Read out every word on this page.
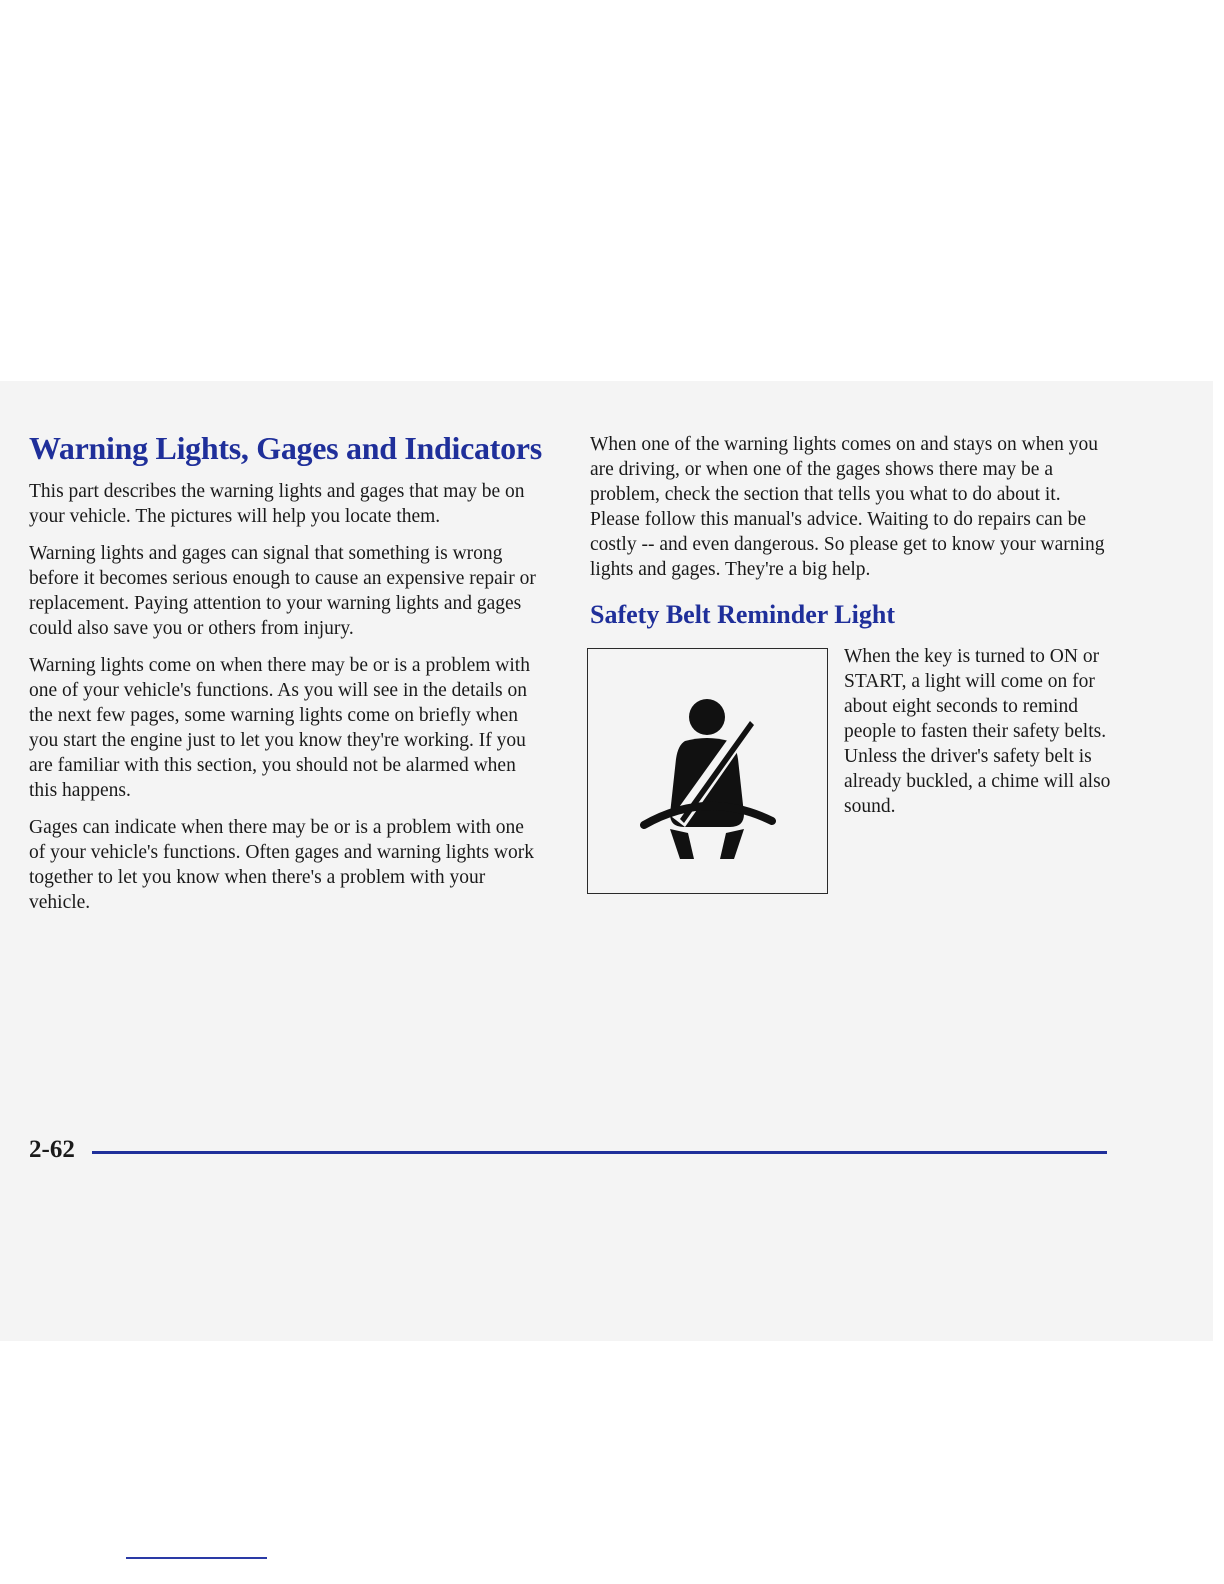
Warning Lights, Gages and Indicators

This part describes the warning lights and gages that may be on your vehicle. The pictures will help you locate them.

Warning lights and gages can signal that something is wrong before it becomes serious enough to cause an expensive repair or replacement. Paying attention to your warning lights and gages could also save you or others from injury.

Warning lights come on when there may be or is a problem with one of your vehicle's functions. As you will see in the details on the next few pages, some warning lights come on briefly when you start the engine just to let you know they're working. If you are familiar with this section, you should not be alarmed when this happens.

Gages can indicate when there may be or is a problem with one of your vehicle's functions. Often gages and warning lights work together to let you know when there's a problem with your vehicle.

When one of the warning lights comes on and stays on when you are driving, or when one of the gages shows there may be a problem, check the section that tells you what to do about it. Please follow this manual's advice. Waiting to do repairs can be costly -- and even dangerous. So please get to know your warning lights and gages. They're a big help.

Safety Belt Reminder Light

When the key is turned to ON or START, a light will come on for about eight seconds to remind people to fasten their safety belts. Unless the driver's safety belt is already buckled, a chime will also sound.

2-62
